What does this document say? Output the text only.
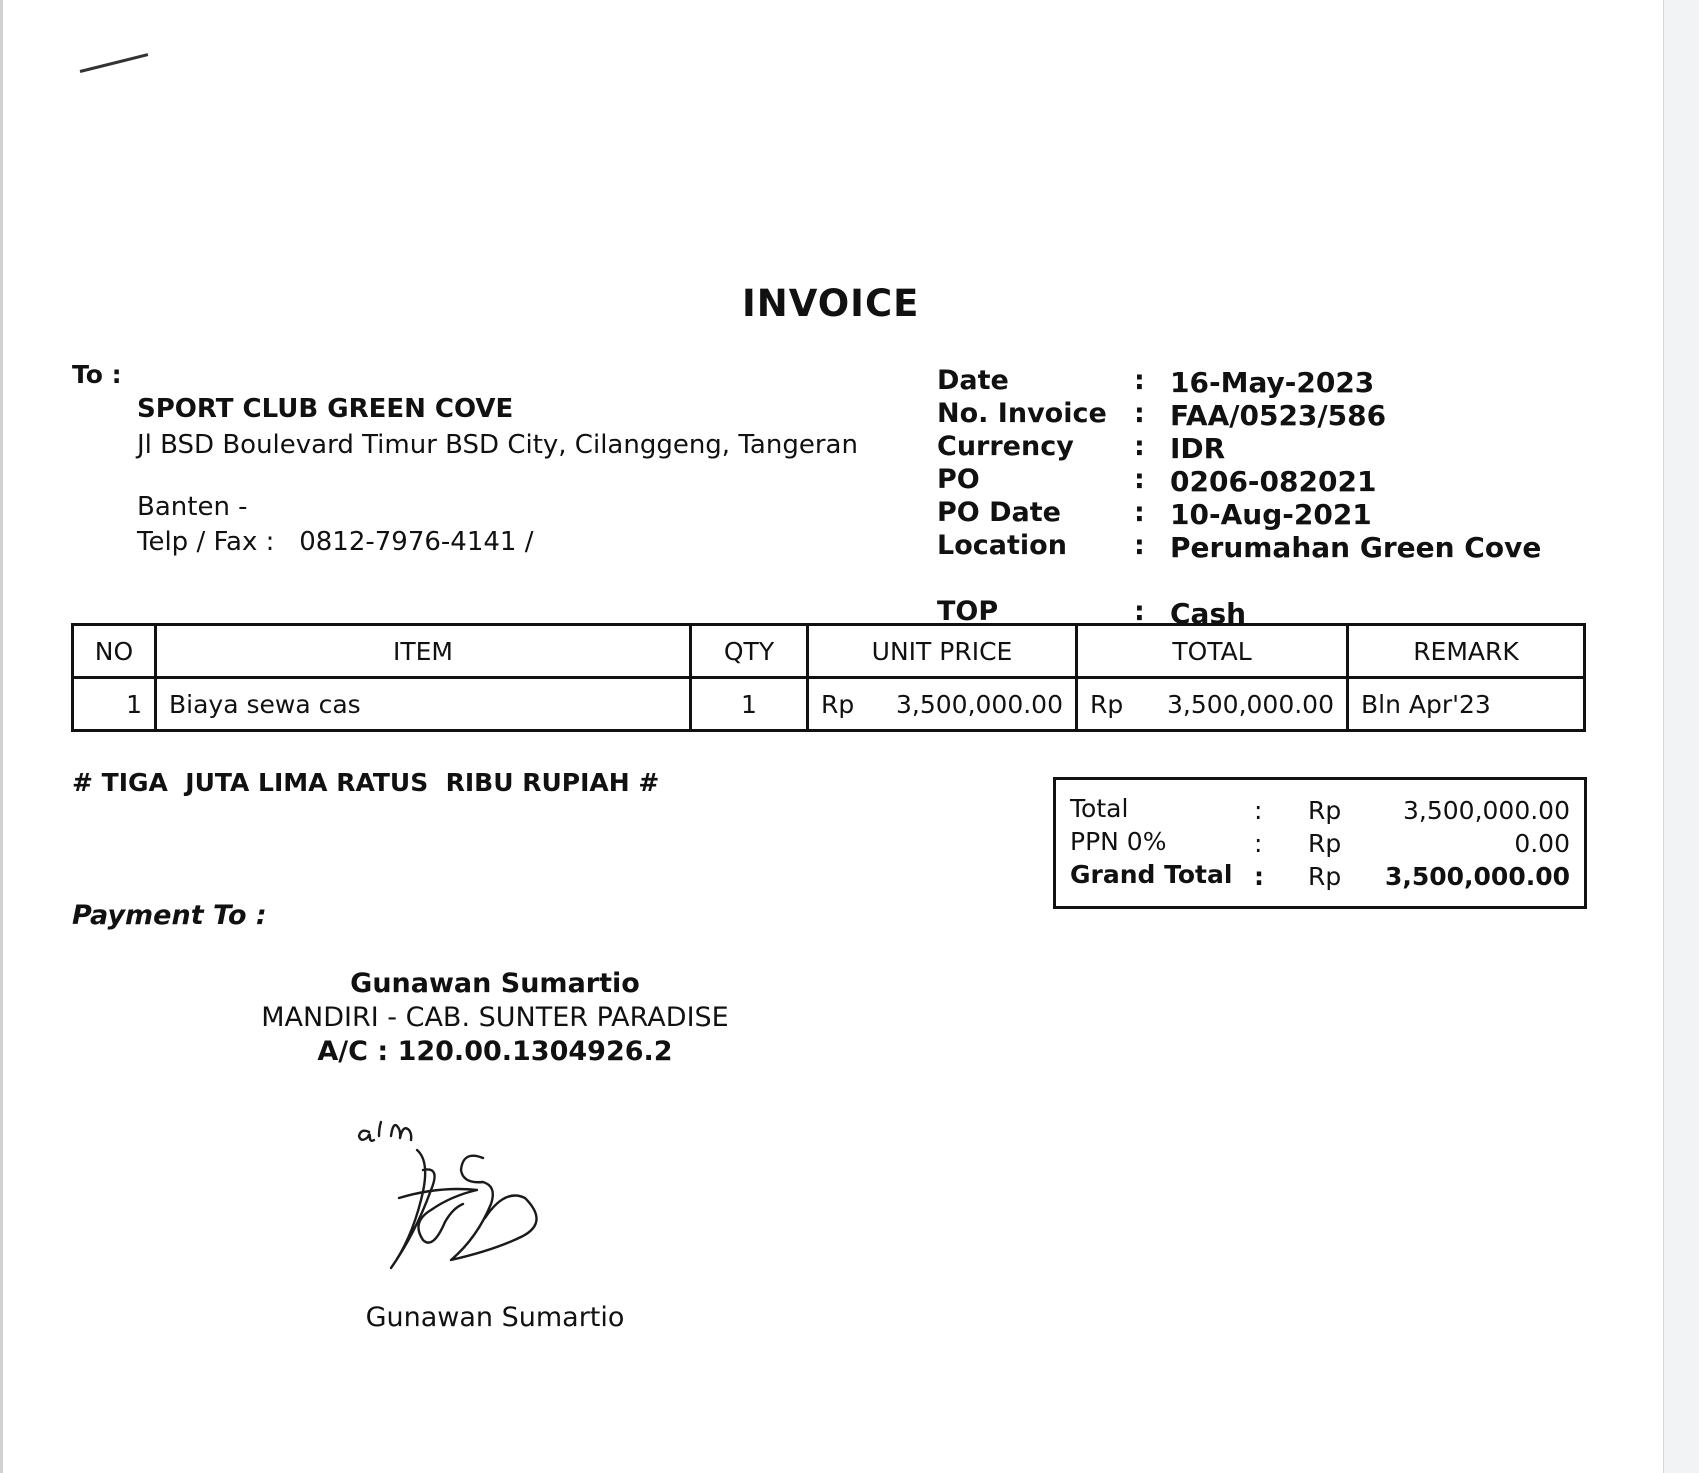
INVOICE
To :
SPORT CLUB GREEN COVE
Jl BSD Boulevard Timur BSD City, Cilanggeng, Tangeran
Banten -
Telp / Fax : 0812-7976-4141 /
Date	: 16-May-2023
No. Invoice : FAA/0523/586
Currency : IDR
PO	: 0206-082021
PO Date	: 10-Aug-2021
Location : Perumahan Green Cove
TOP	: Cash
NO	ITEM	QTY	UNIT PRICE	TOTAL	REMARK
1	Biaya sewa cas	1	Rp 3,500,000.00	Rp 3,500,000.00	Bln Apr'23
# TIGA  JUTA LIMA RATUS  RIBU RUPIAH #
Total	: Rp 3,500,000.00
PPN 0%	: Rp	0.00
Grand Total : Rp 3,500,000.00
Payment To :
Gunawan Sumartio
MANDIRI - CAB. SUNTER PARADISE
A/C : 120.00.1304926.2
Gunawan Sumartio
